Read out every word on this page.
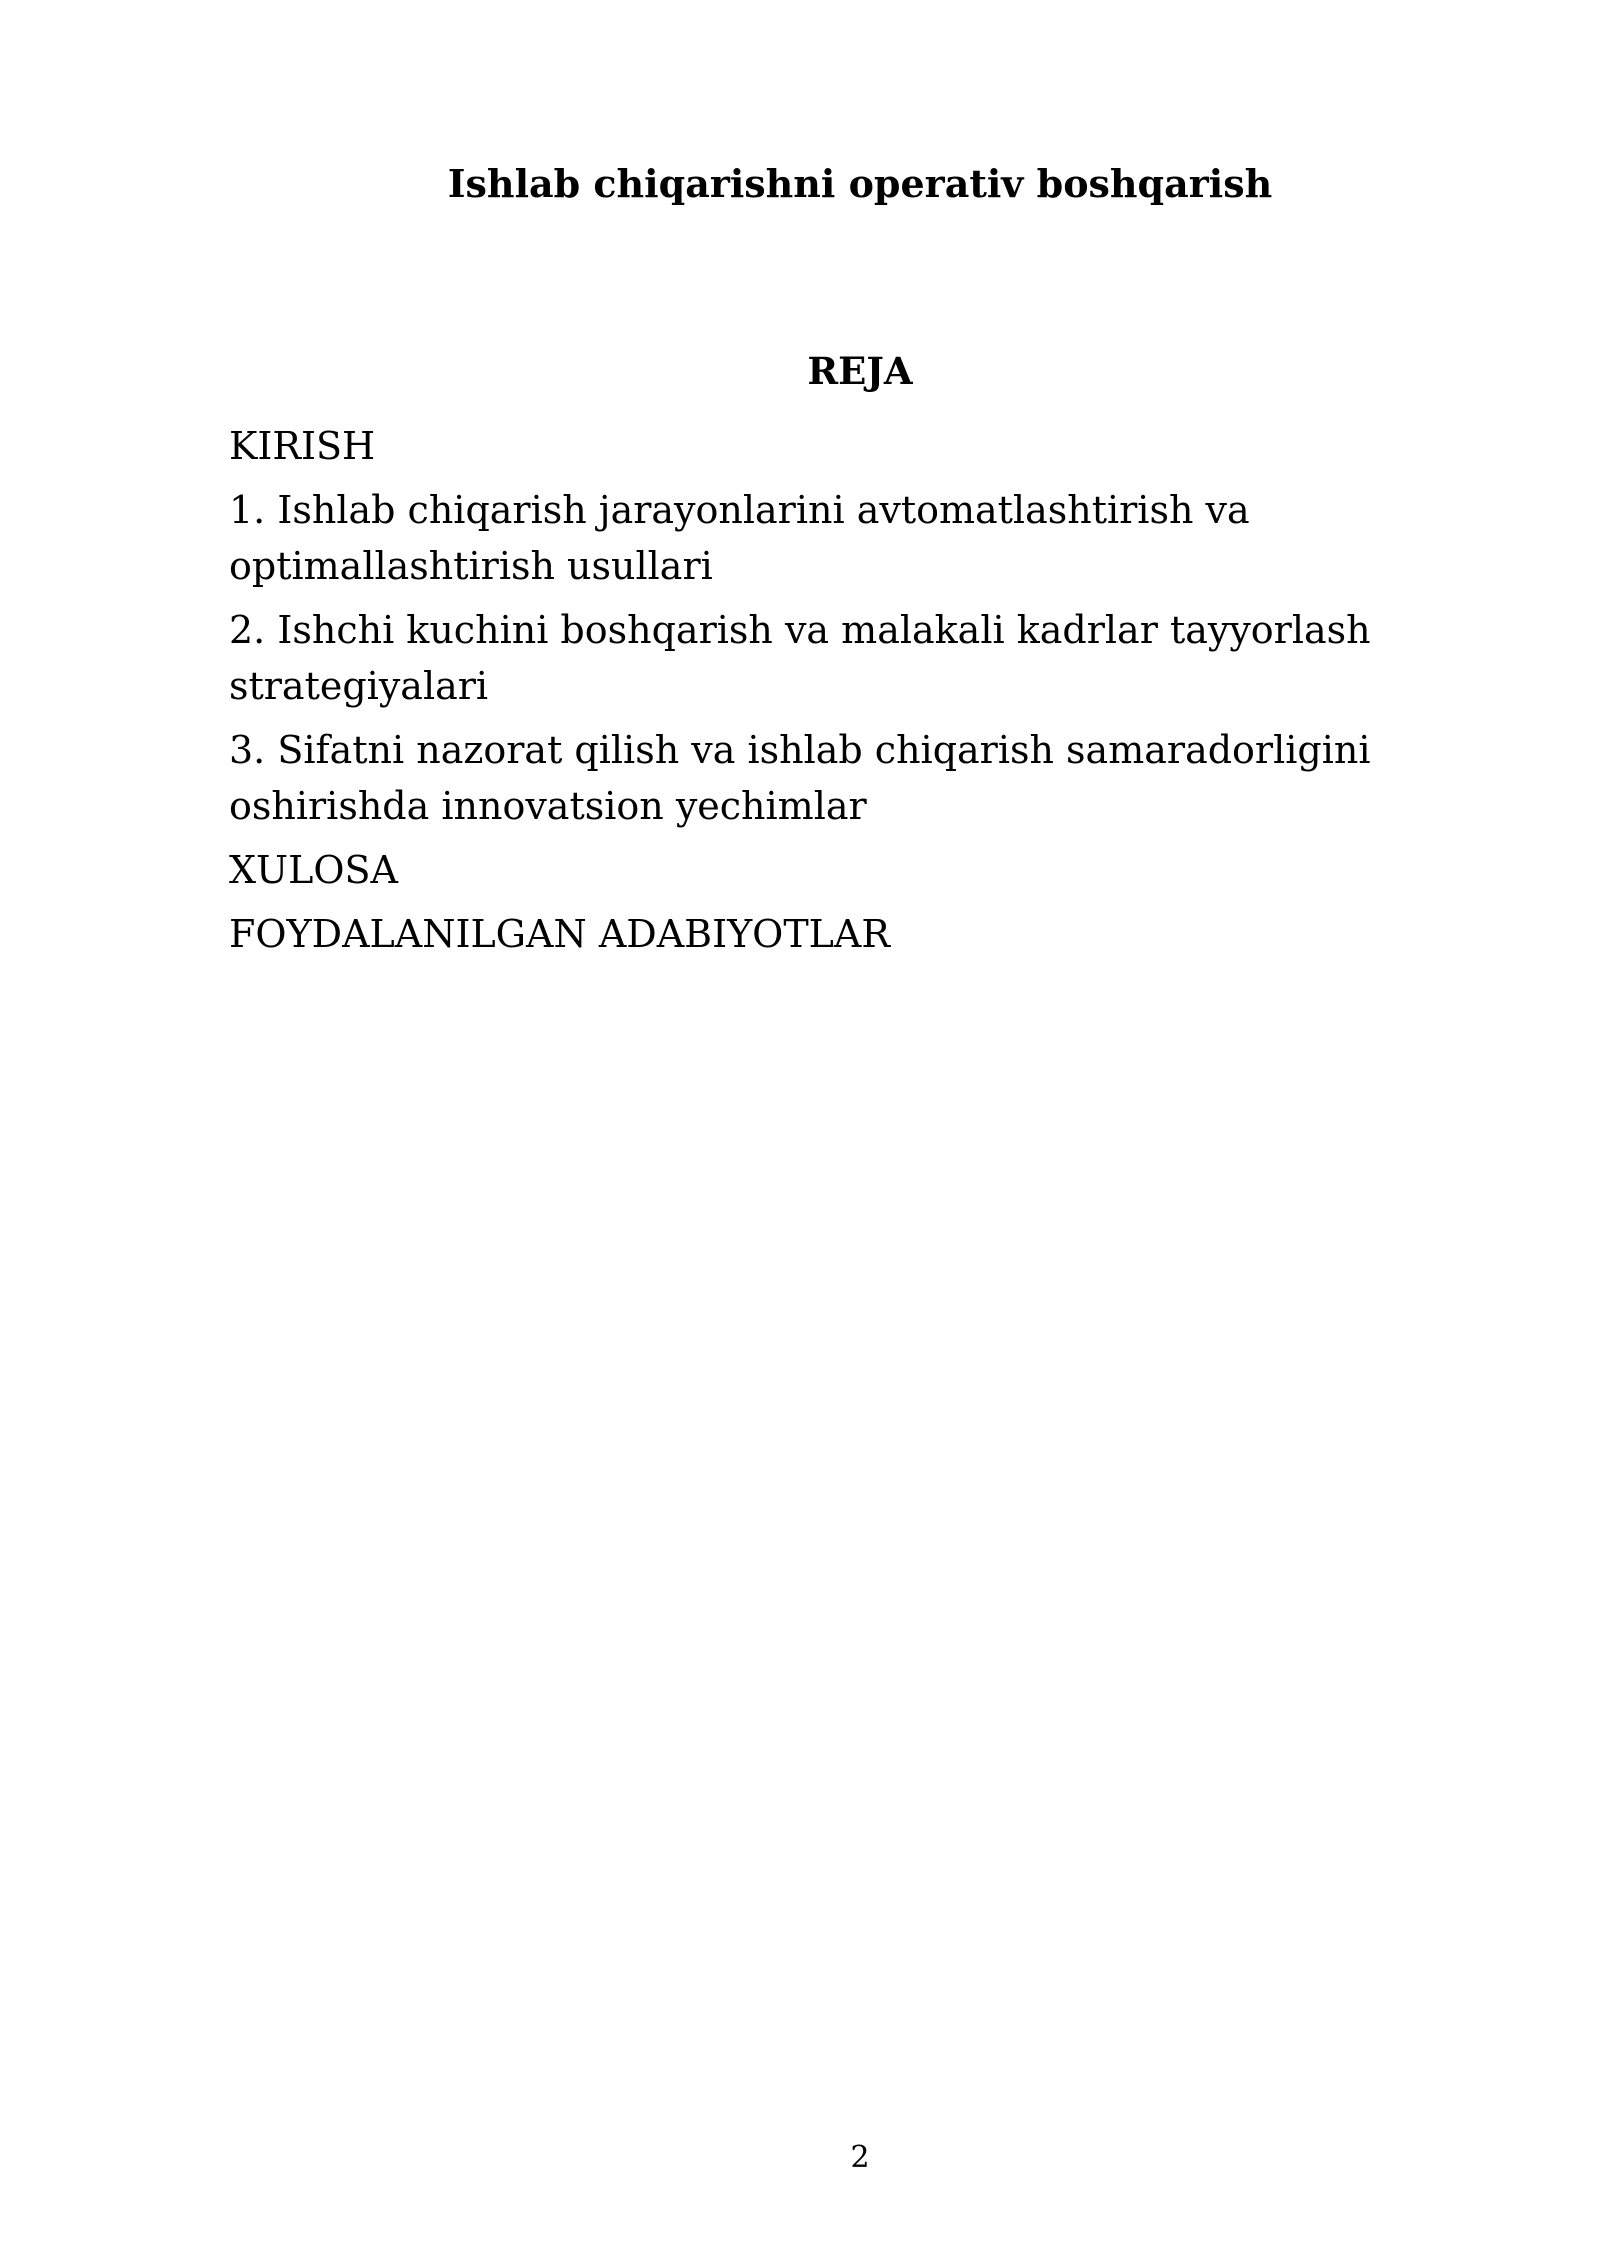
Ishlab chiqarishni operativ boshqarish
REJA
KIRISH
1. Ishlab chiqarish jarayonlarini avtomatlashtirish va optimallashtirish usullari
2. Ishchi kuchini boshqarish va malakali kadrlar tayyorlash strategiyalari
3. Sifatni nazorat qilish va ishlab chiqarish samaradorligini oshirishda innovatsion yechimlar
XULOSA
FOYDALANILGAN ADABIYOTLAR
2
